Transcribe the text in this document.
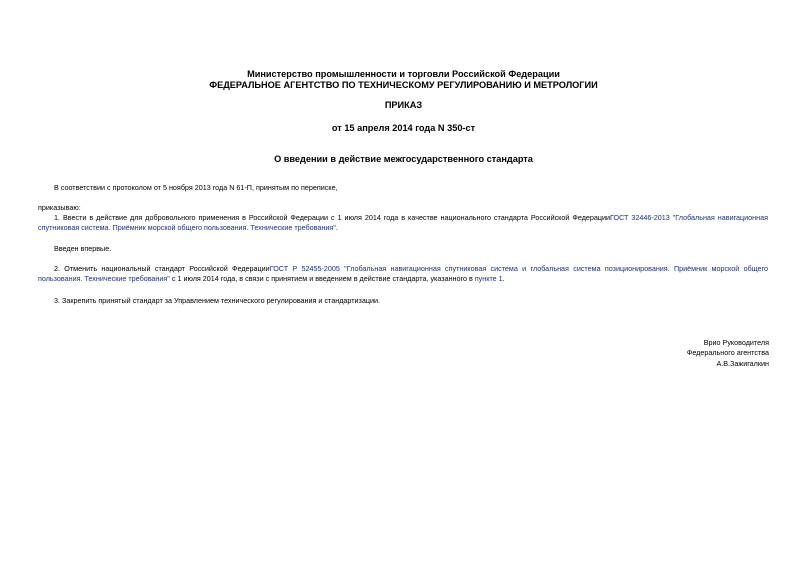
Министерство промышленности и торговли Российской Федерации
ФЕДЕРАЛЬНОЕ АГЕНТСТВО ПО ТЕХНИЧЕСКОМУ РЕГУЛИРОВАНИЮ И МЕТРОЛОГИИ
ПРИКАЗ
от 15 апреля 2014 года N 350-ст
О введении в действие межгосударственного стандарта
В соответствии с протоколом от 5 ноября 2013 года N 61-П, принятым по переписке,
приказываю:
1. Ввести в действие для добровольного применения в Российской Федерации с 1 июля 2014 года в качестве национального стандарта Российской ФедерацииГОСТ 32446-2013 "Глобальная навигационная спутниковая система. Приёмник морской общего пользования. Технические требования".
Введен впервые.
2. Отменить национальный стандарт Российской ФедерацииГОСТ Р 52455-2005 "Глобальная навигационная спутниковая система и глобальная система позиционирования. Приёмник морской общего пользования. Технические требования" с 1 июля 2014 года, в связи с принятием и введением в действие стандарта, указанного в пункте 1.
3. Закрепить принятый стандарт за Управлением технического регулирования и стандартизации.
Врио Руководителя
Федерального агентства
А.В.Зажигалкин
